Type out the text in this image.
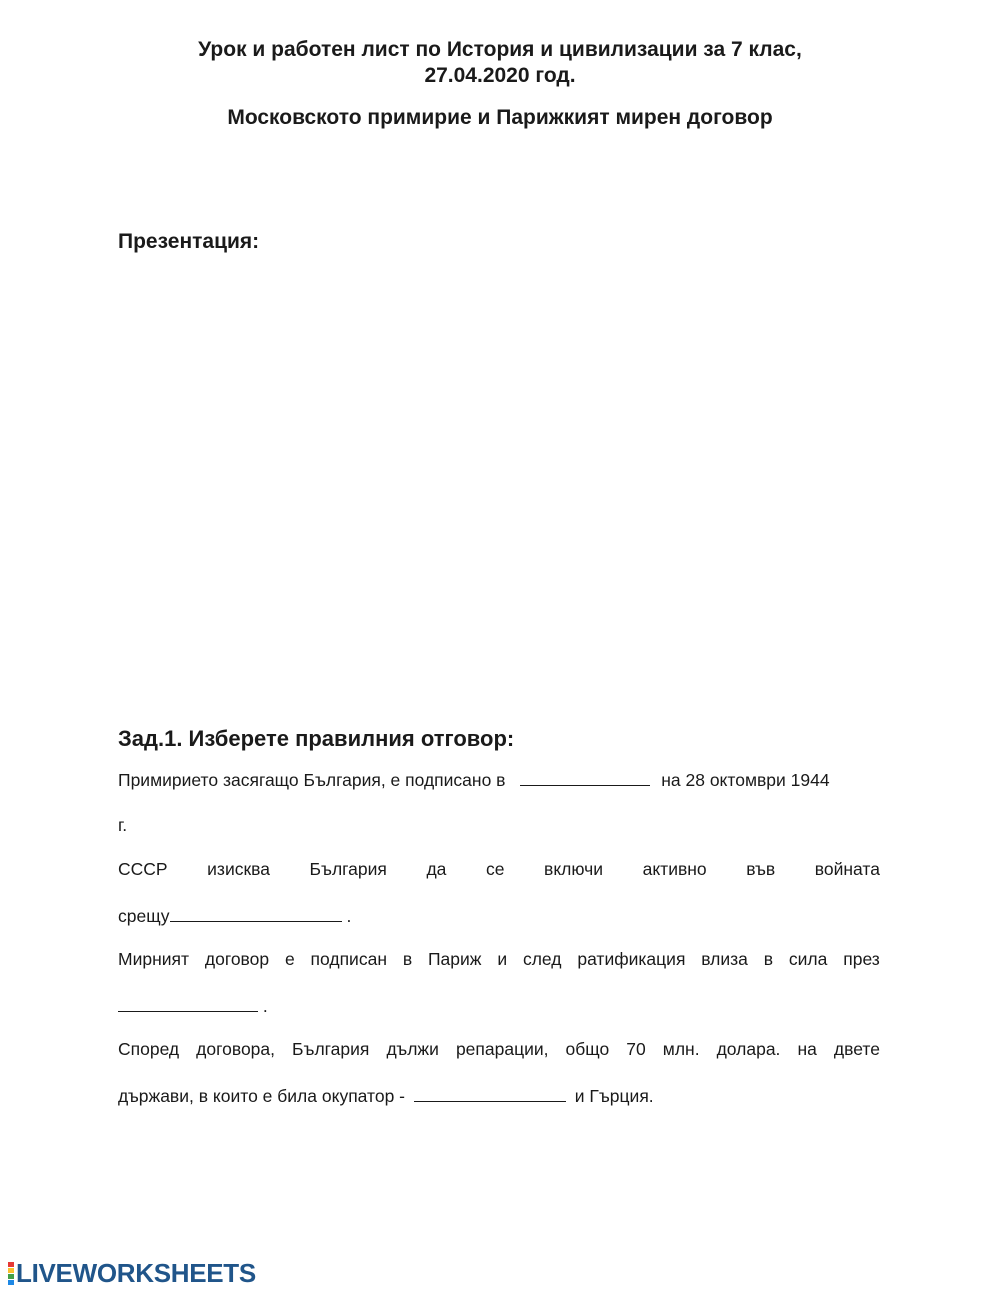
Урок и работен лист по История и цивилизации за 7 клас,
27.04.2020 год.
Московското примирие и Парижкият мирен договор
Презентация:
Зад.1. Изберете правилния отговор:
Примирието засягащо България, е подписано в	на 28 октомври 1944
г.
СССР изисква България да се включи активно във войната
срещу	.
Мирният договор е подписан в Париж и след ратификация влиза в сила през
.
Според договора, България дължи репарации, общо 70 млн. долара. на двете
държави, в които е била окупатор -	и Гърция.
LIVEWORKSHEETS
